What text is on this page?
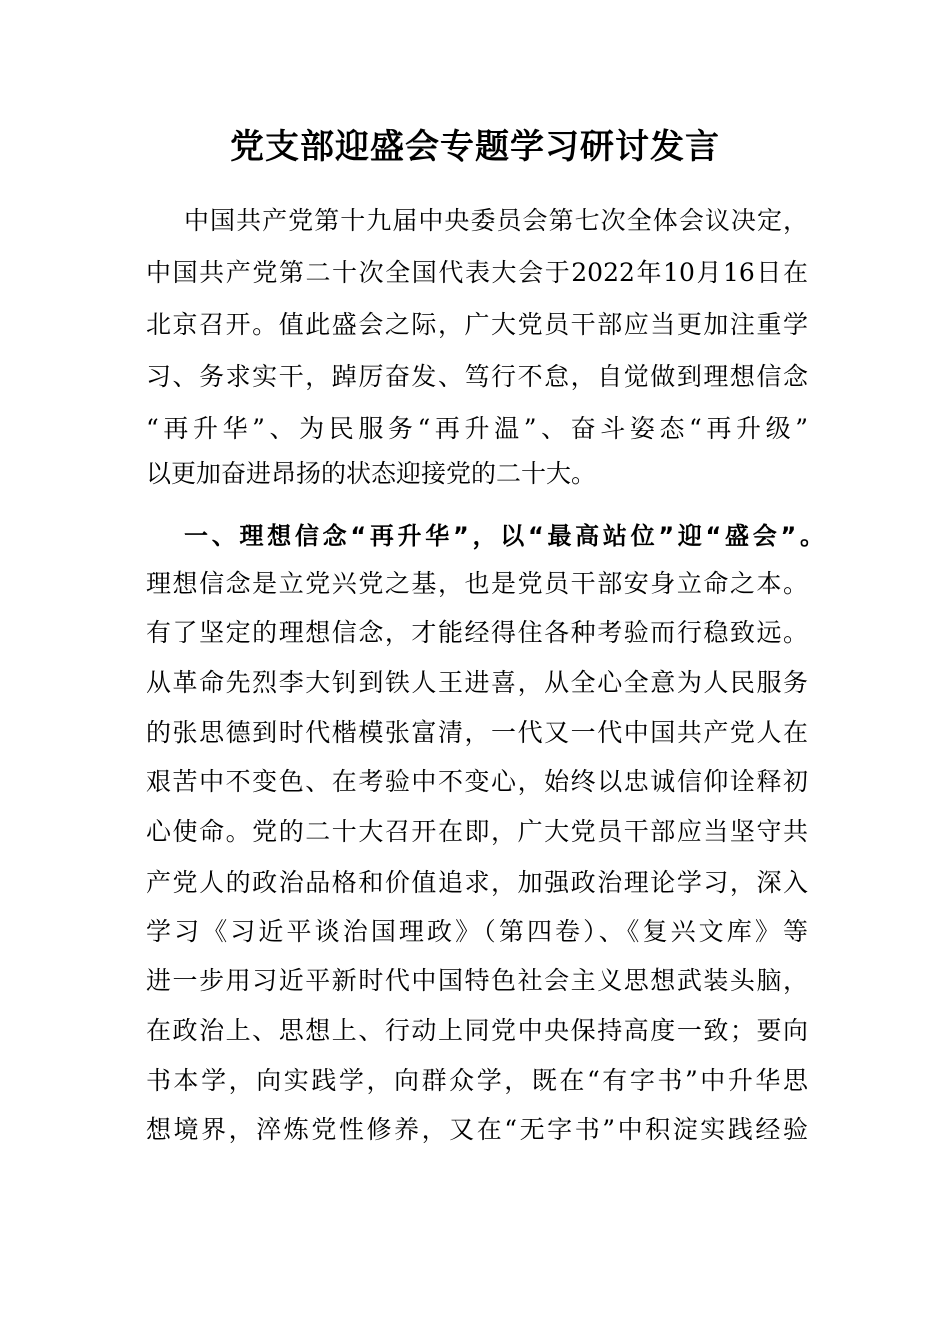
党支部迎盛会专题学习研讨发言
中国共产党第十九届中央委员会第七次全体会议决定，
中国共产党第二十次全国代表大会于2022年10月16日在
北京召开。值此盛会之际，广大党员干部应当更加注重学
习、务求实干，踔厉奋发、笃行不怠，自觉做到理想信念
“再升华”、为民服务“再升温”、奋斗姿态“再升级”
以更加奋进昂扬的状态迎接党的二十大。
一、理想信念“再升华”，以“最高站位”迎“盛会”。
理想信念是立党兴党之基，也是党员干部安身立命之本。
有了坚定的理想信念，才能经得住各种考验而行稳致远。
从革命先烈李大钊到铁人王进喜，从全心全意为人民服务
的张思德到时代楷模张富清，一代又一代中国共产党人在
艰苦中不变色、在考验中不变心，始终以忠诚信仰诠释初
心使命。党的二十大召开在即，广大党员干部应当坚守共
产党人的政治品格和价值追求，加强政治理论学习，深入
学习《习近平谈治国理政》（第四卷）、《复兴文库》等
进一步用习近平新时代中国特色社会主义思想武装头脑，
在政治上、思想上、行动上同党中央保持高度一致；要向
书本学，向实践学，向群众学，既在“有字书”中升华思
想境界，淬炼党性修养，又在“无字书”中积淀实践经验
